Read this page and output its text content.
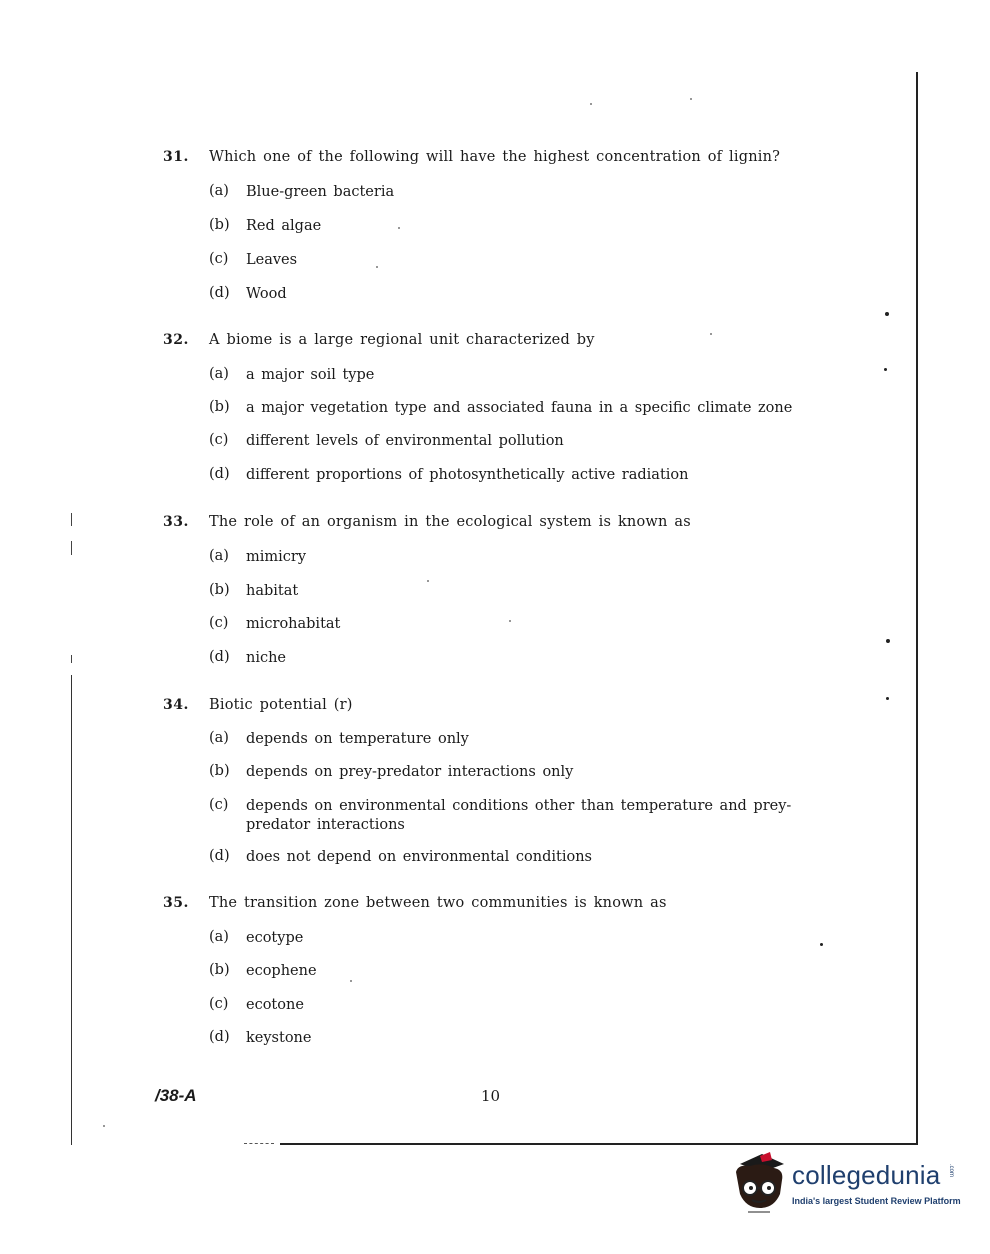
31. Which one of the following will have the highest concentration of lignin?
(a)	Blue-green bacteria
(b)	Red algae
(c)	Leaves
(d)	Wood
32. A biome is a large regional unit characterized by
(a)	a major soil type
(b)	a major vegetation type and associated fauna in a specific climate zone
(c)	different levels of environmental pollution
(d)	different proportions of photosynthetically active radiation
33. The role of an organism in the ecological system is known as
(a)	mimicry
(b)	habitat
(c)	microhabitat
(d)	niche
34. Biotic potential (r)
(a)	depends on temperature only
(b)	depends on prey-predator interactions only
(c)	depends on environmental conditions other than temperature and prey-predator interactions
(d)	does not depend on environmental conditions
35. The transition zone between two communities is known as
(a)	ecotype
(b)	ecophene
(c)	ecotone
(d)	keystone
/38-A	10
collegedunia .com
India's largest Student Review Platform
